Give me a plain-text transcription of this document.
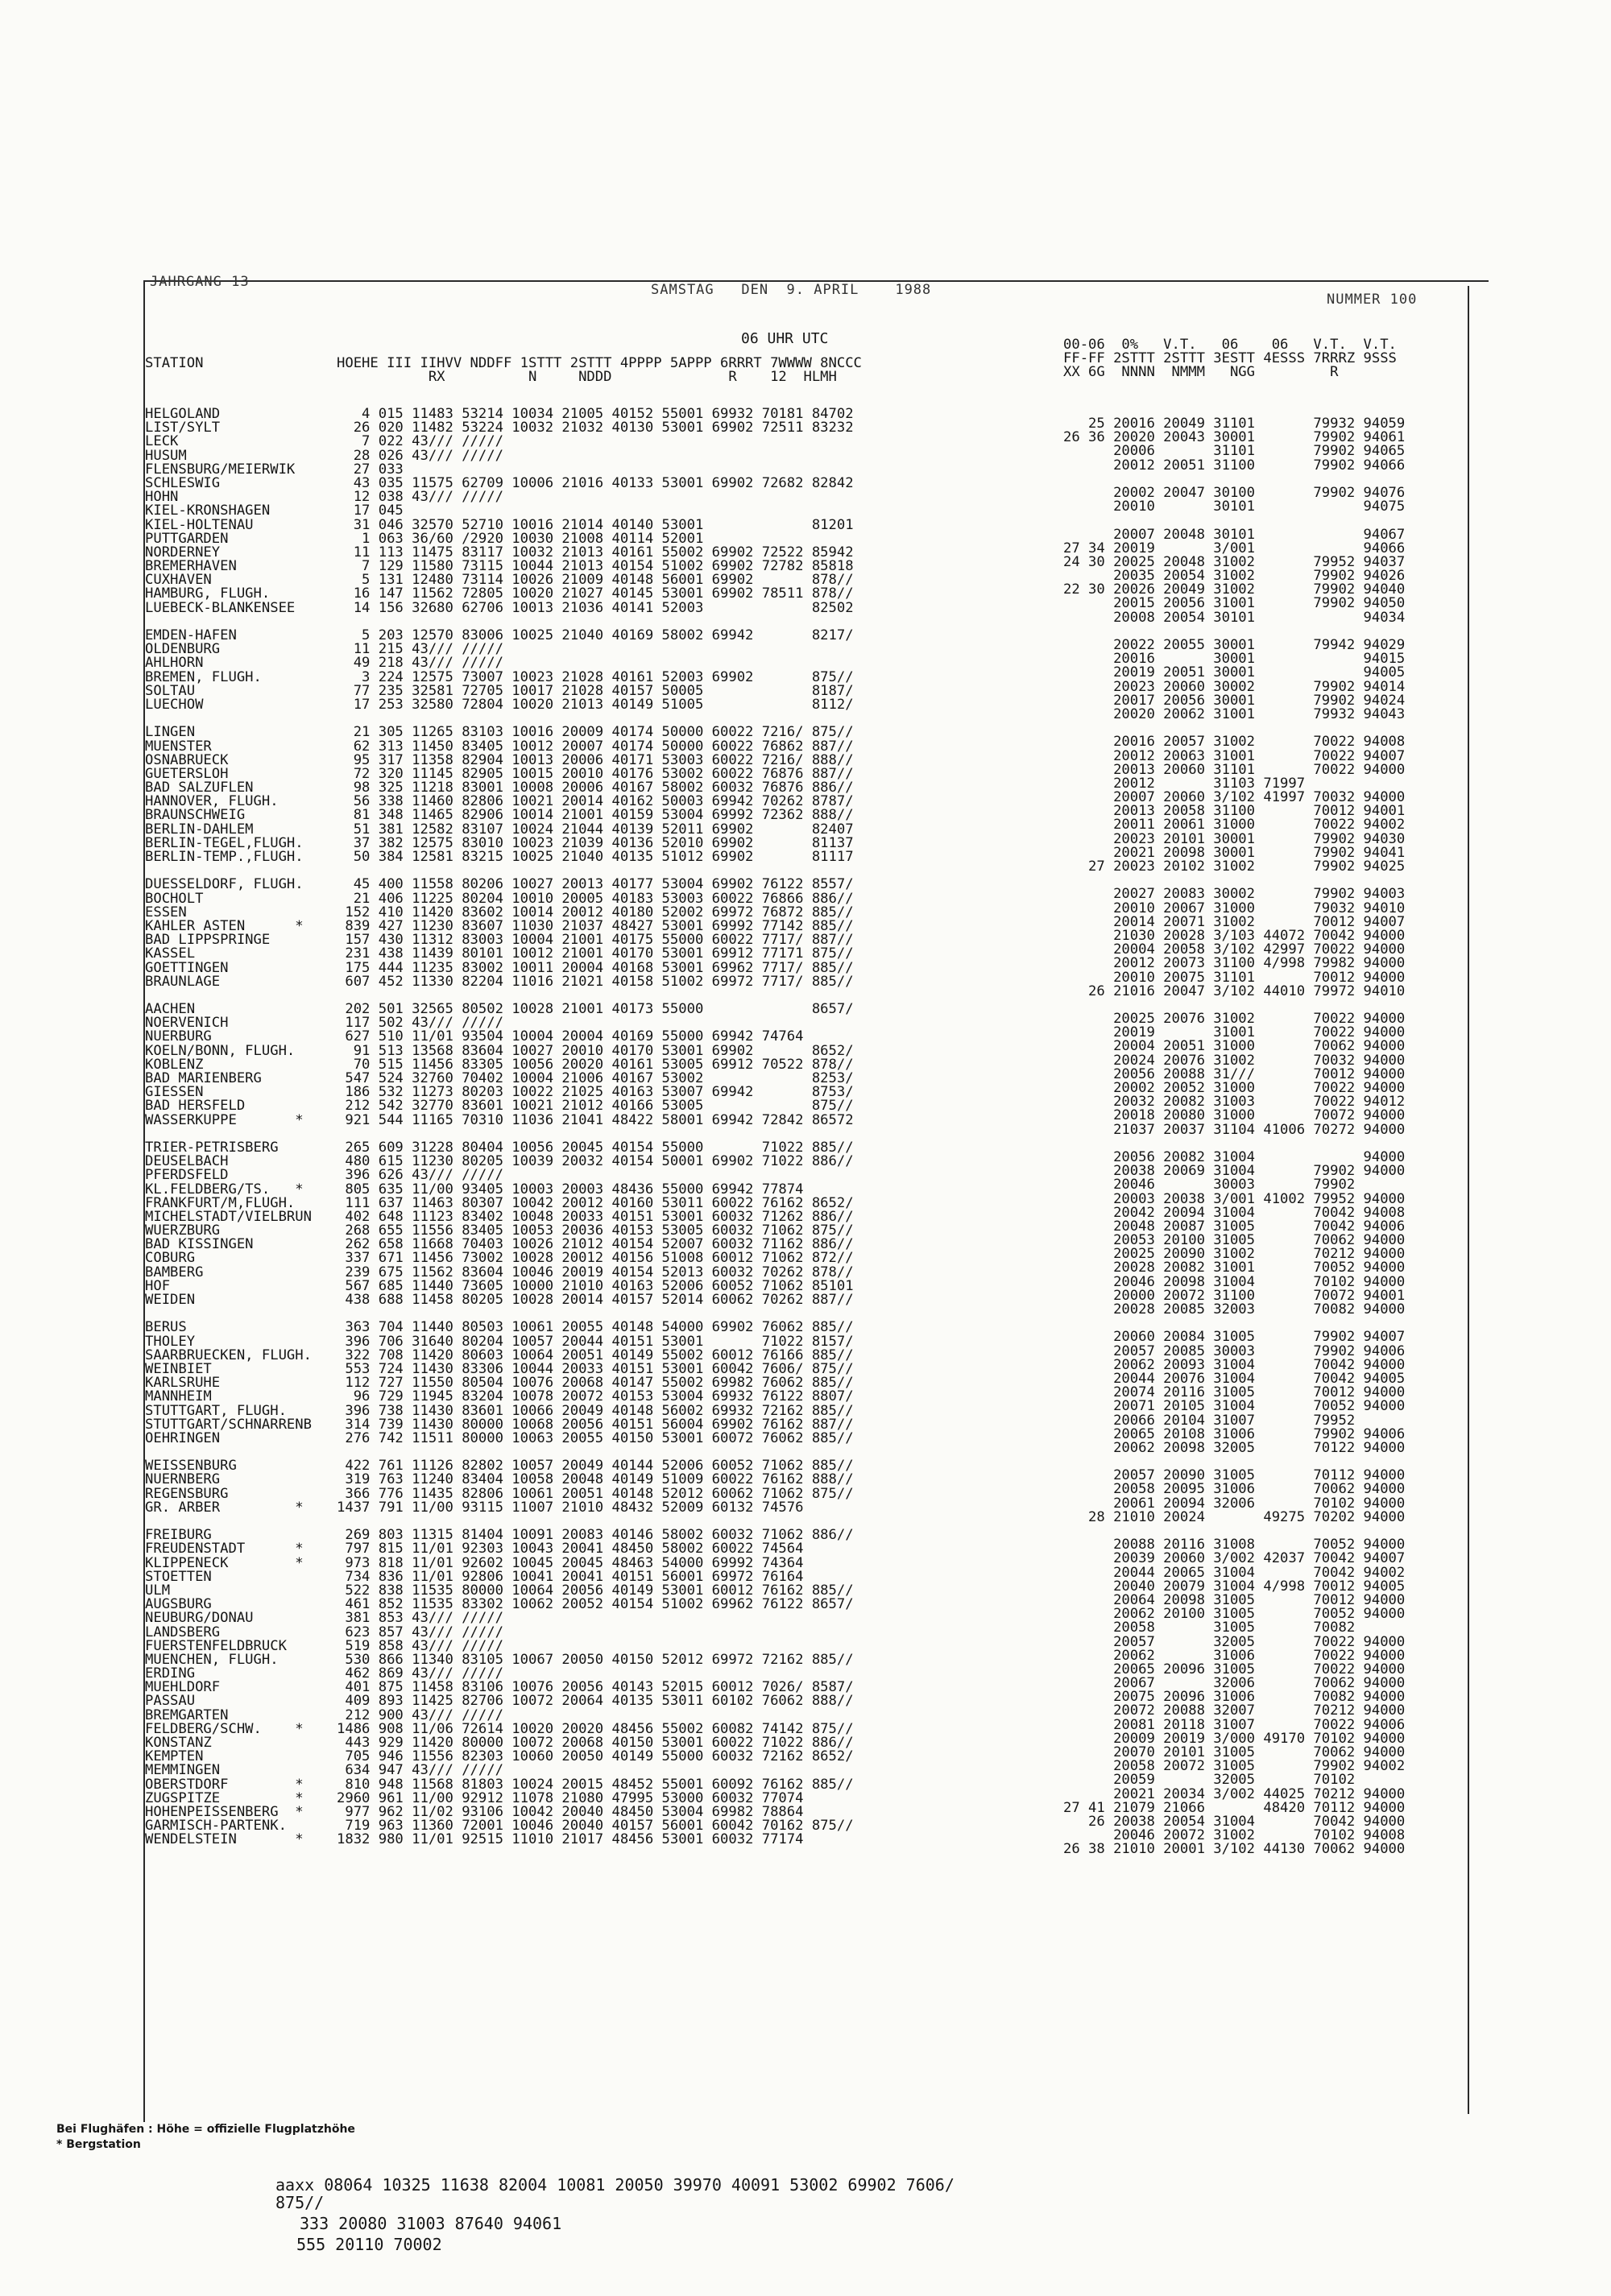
JAHRGANG 13	SAMSTAG   DEN  9. APRIL    1988
NUMMER 100
06 UHR UTC
STATION                HOEHE III IIHVV NDDFF 1STTT 2STTT 4PPPP 5APPP 6RRRT 7WWWW 8NCCC
RX          N     NDDD              R    12  HLMH
00-06  0%   V.T.   06    06   V.T.  V.T.
FF-FF 2STTT 2STTT 3ESTT 4ESSS 7RRRZ 9SSS
XX 6G  NNNN  NMMM   NGG         R
HELGOLAND                 4 015 11483 53214 10034 21005 40152 55001 69932 70181 84702
LIST/SYLT                26 020 11482 53224 10032 21032 40130 53001 69902 72511 83232
LECK                      7 022 43/// /////
HUSUM                    28 026 43/// /////
FLENSBURG/MEIERWIK       27 033
SCHLESWIG                43 035 11575 62709 10006 21016 40133 53001 69902 72682 82842
HOHN                     12 038 43/// /////
KIEL-KRONSHAGEN          17 045
KIEL-HOLTENAU            31 046 32570 52710 10016 21014 40140 53001             81201
PUTTGARDEN                1 063 36/60 /2920 10030 21008 40114 52001
NORDERNEY                11 113 11475 83117 10032 21013 40161 55002 69902 72522 85942
BREMERHAVEN               7 129 11580 73115 10044 21013 40154 51002 69902 72782 85818
CUXHAVEN                  5 131 12480 73114 10026 21009 40148 56001 69902       878//
HAMBURG, FLUGH.          16 147 11562 72805 10020 21027 40145 53001 69902 78511 878//
LUEBECK-BLANKENSEE       14 156 32680 62706 10013 21036 40141 52003             82502
EMDEN-HAFEN               5 203 12570 83006 10025 21040 40169 58002 69942       8217/
OLDENBURG                11 215 43/// /////
AHLHORN                  49 218 43/// /////
BREMEN, FLUGH.            3 224 12575 73007 10023 21028 40161 52003 69902       875//
SOLTAU                   77 235 32581 72705 10017 21028 40157 50005             8187/
LUECHOW                  17 253 32580 72804 10020 21013 40149 51005             8112/
LINGEN                   21 305 11265 83103 10016 20009 40174 50000 60022 7216/ 875//
MUENSTER                 62 313 11450 83405 10012 20007 40174 50000 60022 76862 887//
OSNABRUECK               95 317 11358 82904 10013 20006 40171 53003 60022 7216/ 888//
GUETERSLOH               72 320 11145 82905 10015 20010 40176 53002 60022 76876 887//
BAD SALZUFLEN            98 325 11218 83001 10008 20006 40167 58002 60032 76876 886//
HANNOVER, FLUGH.         56 338 11460 82806 10021 20014 40162 50003 69942 70262 8787/
BRAUNSCHWEIG             81 348 11465 82906 10014 21001 40159 53004 69992 72362 888//
BERLIN-DAHLEM            51 381 12582 83107 10024 21044 40139 52011 69902       82407
BERLIN-TEGEL,FLUGH.      37 382 12575 83010 10023 21039 40136 52010 69902       81137
BERLIN-TEMP.,FLUGH.      50 384 12581 83215 10025 21040 40135 51012 69902       81117
DUESSELDORF, FLUGH.      45 400 11558 80206 10027 20013 40177 53004 69902 76122 8557/
BOCHOLT                  21 406 11225 80204 10010 20005 40183 53003 60022 76866 886//
ESSEN                   152 410 11420 83602 10014 20012 40180 52002 69972 76872 885//
KAHLER ASTEN      *     839 427 11230 83607 11030 21037 48427 53001 69992 77142 885//
BAD LIPPSPRINGE         157 430 11312 83003 10004 21001 40175 55000 60022 7717/ 887//
KASSEL                  231 438 11439 80101 10012 21001 40170 53001 69912 77171 875//
GOETTINGEN              175 444 11235 83002 10011 20004 40168 53001 69962 7717/ 885//
BRAUNLAGE               607 452 11330 82204 11016 21021 40158 51002 69972 7717/ 885//
AACHEN                  202 501 32565 80502 10028 21001 40173 55000             8657/
NOERVENICH              117 502 43/// /////
NUERBURG                627 510 11/01 93504 10004 20004 40169 55000 69942 74764
KOELN/BONN, FLUGH.       91 513 13568 83604 10027 20010 40170 53001 69902       8652/
KOBLENZ                  70 515 11456 83305 10056 20020 40161 53005 69912 70522 878//
BAD MARIENBERG          547 524 32760 70402 10004 21006 40167 53002             8253/
GIESSEN                 186 532 11273 80203 10022 21025 40163 53007 69942       8753/
BAD HERSFELD            212 542 32770 83601 10021 21012 40166 53005             875//
WASSERKUPPE       *     921 544 11165 70310 11036 21041 48422 58001 69942 72842 86572
TRIER-PETRISBERG        265 609 31228 80404 10056 20045 40154 55000       71022 885//
DEUSELBACH              480 615 11230 80205 10039 20032 40154 50001 69902 71022 886//
PFERDSFELD              396 626 43/// /////
KL.FELDBERG/TS.   *     805 635 11/00 93405 10003 20003 48436 55000 69942 77874
FRANKFURT/M,FLUGH.      111 637 11463 80307 10042 20012 40160 53011 60022 76162 8652/
MICHELSTADT/VIELBRUN    402 648 11123 83402 10048 20033 40151 53001 60032 71262 886//
WUERZBURG               268 655 11556 83405 10053 20036 40153 53005 60032 71062 875//
BAD KISSINGEN           262 658 11668 70403 10026 21012 40154 52007 60032 71162 886//
COBURG                  337 671 11456 73002 10028 20012 40156 51008 60012 71062 872//
BAMBERG                 239 675 11562 83604 10046 20019 40154 52013 60032 70262 878//
HOF                     567 685 11440 73605 10000 21010 40163 52006 60052 71062 85101
WEIDEN                  438 688 11458 80205 10028 20014 40157 52014 60062 70262 887//
BERUS                   363 704 11440 80503 10061 20055 40148 54000 69902 76062 885//
THOLEY                  396 706 31640 80204 10057 20044 40151 53001       71022 8157/
SAARBRUECKEN, FLUGH.    322 708 11420 80603 10064 20051 40149 55002 60012 76166 885//
WEINBIET                553 724 11430 83306 10044 20033 40151 53001 60042 7606/ 875//
KARLSRUHE               112 727 11550 80504 10076 20068 40147 55002 69982 76062 885//
MANNHEIM                 96 729 11945 83204 10078 20072 40153 53004 69932 76122 8807/
STUTTGART, FLUGH.       396 738 11430 83601 10066 20049 40148 56002 69932 72162 885//
STUTTGART/SCHNARRENB    314 739 11430 80000 10068 20056 40151 56004 69902 76162 887//
OEHRINGEN               276 742 11511 80000 10063 20055 40150 53001 60072 76062 885//
WEISSENBURG             422 761 11126 82802 10057 20049 40144 52006 60052 71062 885//
NUERNBERG               319 763 11240 83404 10058 20048 40149 51009 60022 76162 888//
REGENSBURG              366 776 11435 82806 10061 20051 40148 52012 60062 71062 875//
GR. ARBER         *    1437 791 11/00 93115 11007 21010 48432 52009 60132 74576
FREIBURG                269 803 11315 81404 10091 20083 40146 58002 60032 71062 886//
FREUDENSTADT      *     797 815 11/01 92303 10043 20041 48450 58002 60022 74564
KLIPPENECK        *     973 818 11/01 92602 10045 20045 48463 54000 69992 74364
STOETTEN                734 836 11/01 92806 10041 20041 40151 56001 69972 76164
ULM                     522 838 11535 80000 10064 20056 40149 53001 60012 76162 885//
AUGSBURG                461 852 11535 83302 10062 20052 40154 51002 69962 76122 8657/
NEUBURG/DONAU           381 853 43/// /////
LANDSBERG               623 857 43/// /////
FUERSTENFELDBRUCK       519 858 43/// /////
MUENCHEN, FLUGH.        530 866 11340 83105 10067 20050 40150 52012 69972 72162 885//
ERDING                  462 869 43/// /////
MUEHLDORF               401 875 11458 83106 10076 20056 40143 52015 60012 7026/ 8587/
PASSAU                  409 893 11425 82706 10072 20064 40135 53011 60102 76062 888//
BREMGARTEN              212 900 43/// /////
FELDBERG/SCHW.    *    1486 908 11/06 72614 10020 20020 48456 55002 60082 74142 875//
KONSTANZ                443 929 11420 80000 10072 20068 40150 53001 60022 71022 886//
KEMPTEN                 705 946 11556 82303 10060 20050 40149 55000 60032 72162 8652/
MEMMINGEN               634 947 43/// /////
OBERSTDORF        *     810 948 11568 81803 10024 20015 48452 55001 60092 76162 885//
ZUGSPITZE         *    2960 961 11/00 92912 11078 21080 47995 53000 60032 77074
HOHENPEISSENBERG  *     977 962 11/02 93106 10042 20040 48450 53004 69982 78864
GARMISCH-PARTENK.       719 963 11360 72001 10046 20040 40157 56001 60042 70162 875//
WENDELSTEIN       *    1832 980 11/01 92515 11010 21017 48456 53001 60032 77174
25 20016 20049 31101       79932 94059
26 36 20020 20043 30001       79902 94061
20006       31101       79902 94065
20012 20051 31100       79902 94066
20002 20047 30100       79902 94076
20010       30101             94075
20007 20048 30101             94067
27 34 20019       3/001             94066
24 30 20025 20048 31002       79952 94037
20035 20054 31002       79902 94026
22 30 20026 20049 31002       79902 94040
20015 20056 31001       79902 94050
20008 20054 30101             94034
20022 20055 30001       79942 94029
20016       30001             94015
20019 20051 30001             94005
20023 20060 30002       79902 94014
20017 20056 30001       79902 94024
20020 20062 31001       79932 94043
20016 20057 31002       70022 94008
20012 20063 31001       70022 94007
20013 20060 31101       70022 94000
20012       31103 71997
20007 20060 3/102 41997 70032 94000
20013 20058 31100       70012 94001
20011 20061 31000       70022 94002
20023 20101 30001       79902 94030
20021 20098 30001       79902 94041
27 20023 20102 31002       79902 94025
20027 20083 30002       79902 94003
20010 20067 31000       79032 94010
20014 20071 31002       70012 94007
21030 20028 3/103 44072 70042 94000
20004 20058 3/102 42997 70022 94000
20012 20073 31100 4/998 79982 94000
20010 20075 31101       70012 94000
26 21016 20047 3/102 44010 79972 94010
20025 20076 31002       70022 94000
20019       31001       70022 94000
20004 20051 31000       70062 94000
20024 20076 31002       70032 94000
20056 20088 31///       70012 94000
20002 20052 31000       70022 94000
20032 20082 31003       70022 94012
20018 20080 31000       70072 94000
21037 20037 31104 41006 70272 94000
20056 20082 31004             94000
20038 20069 31004       79902 94000
20046       30003       79902
20003 20038 3/001 41002 79952 94000
20042 20094 31004       70042 94008
20048 20087 31005       70042 94006
20053 20100 31005       70062 94000
20025 20090 31002       70212 94000
20028 20082 31001       70052 94000
20046 20098 31004       70102 94000
20000 20072 31100       70072 94001
20028 20085 32003       70082 94000
20060 20084 31005       79902 94007
20057 20085 30003       79902 94006
20062 20093 31004       70042 94000
20044 20076 31004       70042 94005
20074 20116 31005       70012 94000
20071 20105 31004       70052 94000
20066 20104 31007       79952
20065 20108 31006       79902 94006
20062 20098 32005       70122 94000
20057 20090 31005       70112 94000
20058 20095 31006       70062 94000
20061 20094 32006       70102 94000
28 21010 20024       49275 70202 94000
20088 20116 31008       70052 94000
20039 20060 3/002 42037 70042 94007
20044 20065 31004       70042 94002
20040 20079 31004 4/998 70012 94005
20064 20098 31005       70012 94000
20062 20100 31005       70052 94000
20058       31005       70082
20057       32005       70022 94000
20062       31006       70022 94000
20065 20096 31005       70022 94000
20067       32006       70062 94000
20075 20096 31006       70082 94000
20072 20088 32007       70212 94000
20081 20118 31007       70022 94006
20009 20019 3/000 49170 70102 94000
20070 20101 31005       70062 94000
20058 20072 31005       79902 94002
20059       32005       70102
20021 20034 3/002 44025 70212 94000
27 41 21079 21066       48420 70112 94000
26 20038 20054 31004       70042 94000
20046 20072 31002       70102 94008
26 38 21010 20001 3/102 44130 70062 94000
Bei Flughäfen : Höhe = offizielle Flugplatzhöhe
* Bergstation
aaxx 08064 10325 11638 82004 10081 20050 39970 40091 53002 69902 7606/
875//
333 20080 31003 87640 94061
555 20110 70002
